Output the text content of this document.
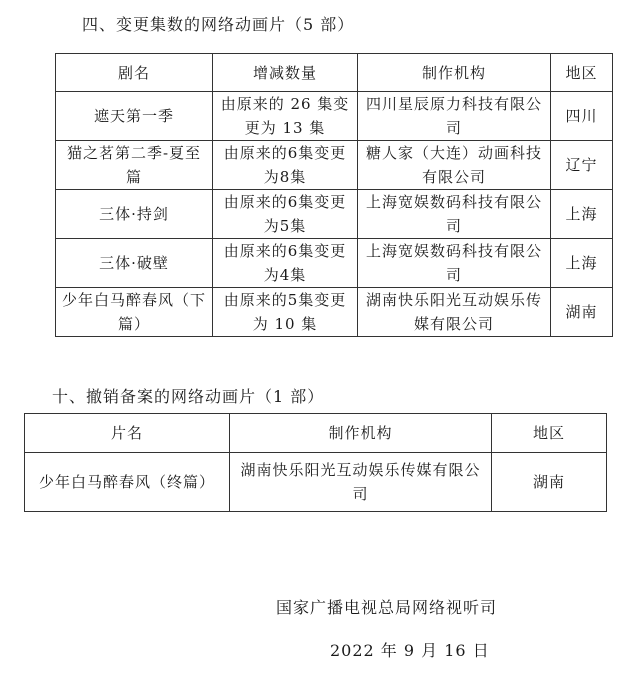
四、变更集数的网络动画片（5 部）
剧名	增减数量	制作机构	地区
遮天第一季	由原来的 26 集变更为 13 集	四川星辰原力科技有限公司	四川
猫之茗第二季-夏至篇	由原来的6集变更为8集	糖人家（大连）动画科技有限公司	辽宁
三体·持剑	由原来的6集变更为5集	上海宽娱数码科技有限公司	上海
三体·破壁	由原来的6集变更为4集	上海宽娱数码科技有限公司	上海
少年白马醉春风（下篇）	由原来的5集变更为 10 集	湖南快乐阳光互动娱乐传媒有限公司	湖南
十、撤销备案的网络动画片（1 部）
片名	制作机构	地区
少年白马醉春风（终篇）	湖南快乐阳光互动娱乐传媒有限公司	湖南
国家广播电视总局网络视听司
2022 年 9 月 16 日
